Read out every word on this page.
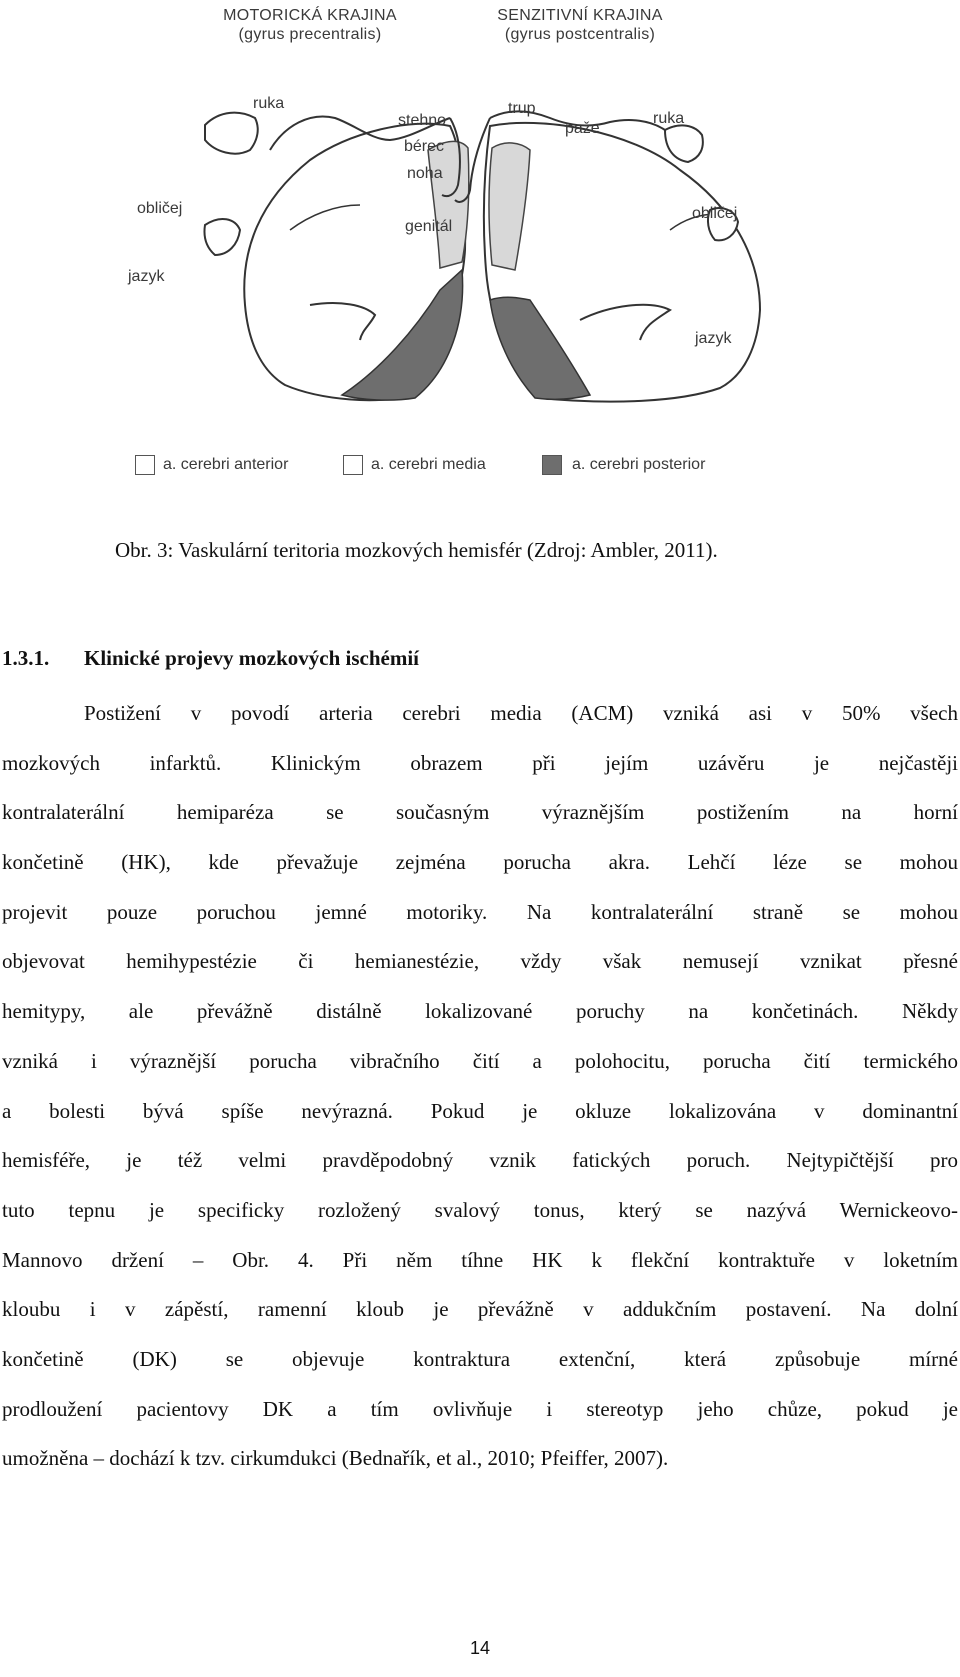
MOTORICKÁ KRAJINA
(gyrus precentralis)
SENZITIVNÍ KRAJINA
(gyrus postcentralis)
ruka
obličej
jazyk
stehno
bérec
noha
genitál
trup
paže
ruka
obličej
jazyk
a. cerebri anterior	a. cerebri media	a. cerebri posterior
Obr. 3: Vaskulární teritoria mozkových hemisfér (Zdroj: Ambler, 2011).
1.3.1. Klinické projevy mozkových ischémií
Postižení v povodí arteria cerebri media (ACM) vzniká asi v 50% všech
mozkových infarktů. Klinickým obrazem při jejím uzávěru je nejčastěji
kontralaterální hemiparéza se současným výraznějším postižením na horní
končetině (HK), kde převažuje zejména porucha akra. Lehčí léze se mohou
projevit pouze poruchou jemné motoriky. Na kontralaterální straně se mohou
objevovat hemihypestézie či hemianestézie, vždy však nemusejí vznikat přesné
hemitypy, ale převážně distálně lokalizované poruchy na končetinách. Někdy
vzniká i výraznější porucha vibračního čití a polohocitu, porucha čití termického
a bolesti bývá spíše nevýrazná. Pokud je okluze lokalizována v dominantní
hemisféře, je též velmi pravděpodobný vznik fatických poruch. Nejtypičtější pro
tuto tepnu je specificky rozložený svalový tonus, který se nazývá Wernickeovo-
Mannovo držení – Obr. 4. Při něm tíhne HK k flekční kontraktuře v loketním
kloubu i v zápěstí, ramenní kloub je převážně v addukčním postavení. Na dolní
končetině (DK) se objevuje kontraktura extenční, která způsobuje mírné
prodloužení pacientovy DK a tím ovlivňuje i stereotyp jeho chůze, pokud je
umožněna – dochází k tzv. cirkumdukci (Bednařík, et al., 2010; Pfeiffer, 2007).
14
